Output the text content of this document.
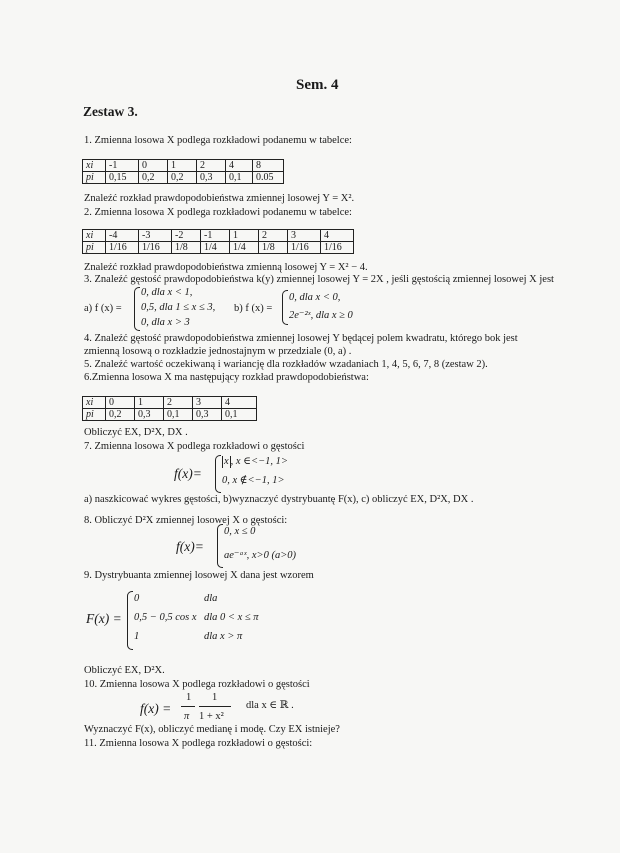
Sem. 4
Zestaw 3.
1. Zmienna losowa X podlega rozkładowi podanemu w tabelce:
xi	-1	0	1	2	4	8
pi	0,15	0,2	0,2	0,3	0,1	0.05
Znaleźć rozkład prawdopodobieństwa zmiennej losowej Y = X².
2. Zmienna losowa X podlega rozkładowi podanemu w tabelce:
xi	-4	-3	-2	-1	1	2	3	4
pi	1/16	1/16	1/8	1/4	1/4	1/8	1/16	1/16
Znaleźć rozkład prawdopodobieństwa zmienną losowej Y = X² − 4.
3. Znaleźć gęstość prawdopodobieństwa k(y) zmiennej losowej Y = 2X , jeśli gęstością zmiennej losowej X jest
a) f (x) =
0, dla x < 1,
0,5, dla 1 ≤ x ≤ 3,
0, dla x > 3
b) f (x) =
0, dla x < 0,
2e⁻²ˣ, dla x ≥ 0
4. Znaleźć gęstość prawdopodobieństwa zmiennej losowej Y będącej polem kwadratu, którego bok jest
zmienną losową o rozkładzie jednostajnym w przedziale (0, a) .
5. Znaleźć wartość oczekiwaną i wariancję dla rozkładów wzadaniach 1, 4, 5, 6, 7, 8 (zestaw 2).
6.Zmienna losowa X ma następujący rozkład prawdopodobieństwa:
xi	0	1	2	3	4
pi	0,2	0,3	0,1	0,3	0,1
Obliczyć EX, D²X, DX .
7. Zmienna losowa X podlega rozkładowi o gęstości
f(x)=
x , x ∈<−1, 1>
0, x ∉<−1, 1>
a) naszkicować wykres gęstości, b)wyznaczyć dystrybuantę F(x), c) obliczyć EX, D²X, DX .
8. Obliczyć D²X zmiennej losowej X o gęstości:
f(x)=
0, x ≤ 0
ae⁻ᵃˣ, x>0 (a>0)
9. Dystrybuanta zmiennej losowej X dana jest wzorem
F(x) =
0	dla
0,5 − 0,5 cos x dla 0 < x ≤ π
1	dla x > π
Obliczyć EX, D²X.
10. Zmienna losowa X podlega rozkładowi o gęstości
f(x) =
1
π
1
1 + x²
dla x ∈ ℝ .
Wyznaczyć F(x), obliczyć medianę i modę. Czy EX istnieje?
11. Zmienna losowa X podlega rozkładowi o gęstości:
